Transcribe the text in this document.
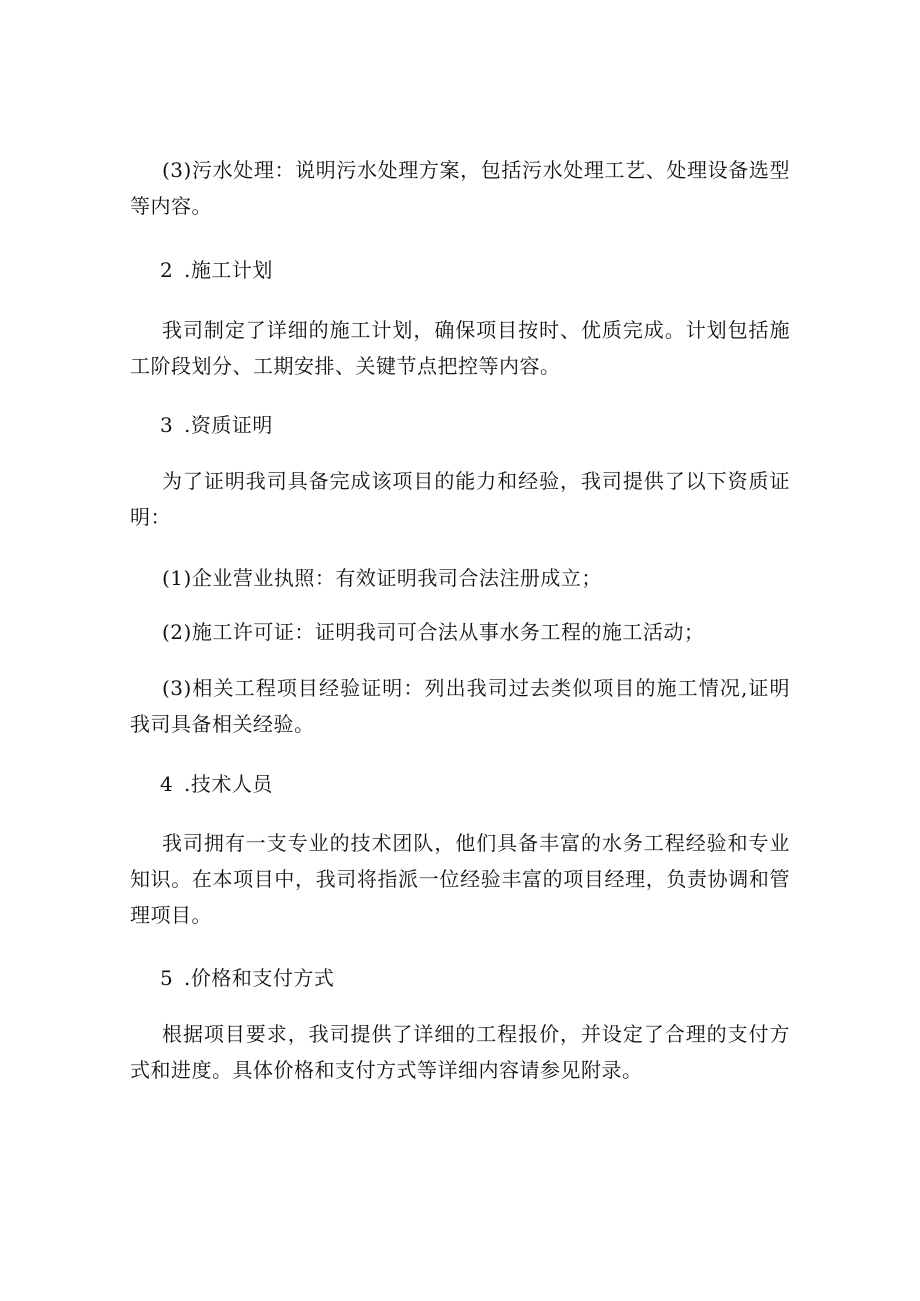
(3)污水处理：说明污水处理方案，包括污水处理工艺、处理设备选型等内容。

2 .施工计划

我司制定了详细的施工计划，确保项目按时、优质完成。计划包括施工阶段划分、工期安排、关键节点把控等内容。

3 .资质证明

为了证明我司具备完成该项目的能力和经验，我司提供了以下资质证明：

(1)企业营业执照：有效证明我司合法注册成立；

(2)施工许可证：证明我司可合法从事水务工程的施工活动；

(3)相关工程项目经验证明：列出我司过去类似项目的施工情况,证明我司具备相关经验。

4 .技术人员

我司拥有一支专业的技术团队，他们具备丰富的水务工程经验和专业知识。在本项目中，我司将指派一位经验丰富的项目经理，负责协调和管理项目。

5 .价格和支付方式

根据项目要求，我司提供了详细的工程报价，并设定了合理的支付方式和进度。具体价格和支付方式等详细内容请参见附录。
